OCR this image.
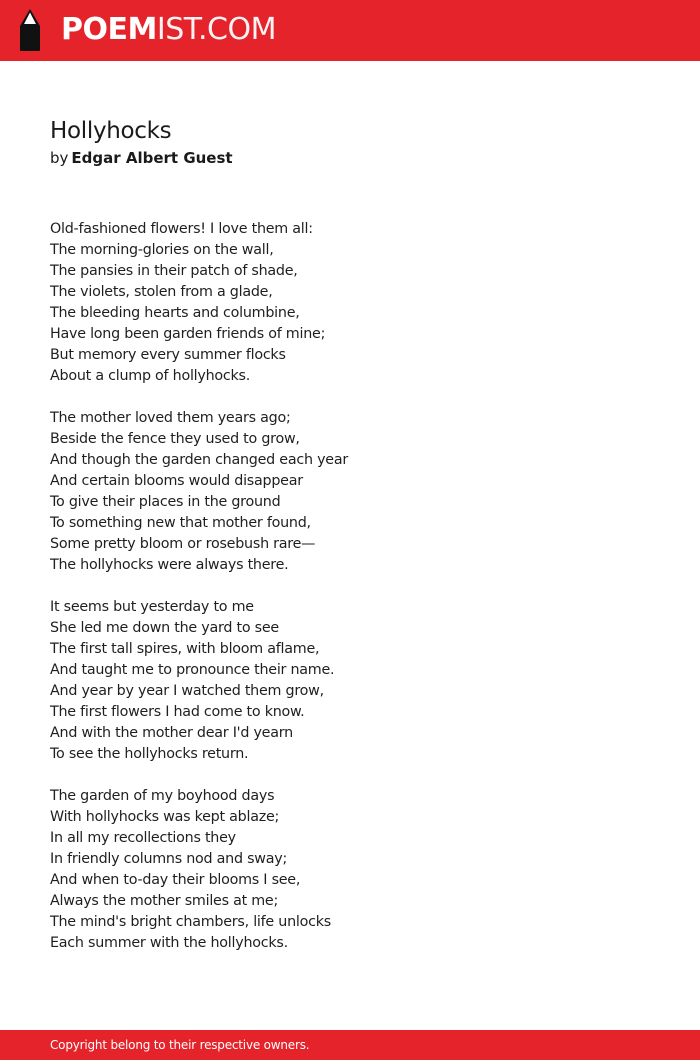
POEMIST.COM
Hollyhocks
by Edgar Albert Guest
Old-fashioned flowers! I love them all:
The morning-glories on the wall,
The pansies in their patch of shade,
The violets, stolen from a glade,
The bleeding hearts and columbine,
Have long been garden friends of mine;
But memory every summer flocks
About a clump of hollyhocks.
The mother loved them years ago;
Beside the fence they used to grow,
And though the garden changed each year
And certain blooms would disappear
To give their places in the ground
To something new that mother found,
Some pretty bloom or rosebush rare—
The hollyhocks were always there.
It seems but yesterday to me
She led me down the yard to see
The first tall spires, with bloom aflame,
And taught me to pronounce their name.
And year by year I watched them grow,
The first flowers I had come to know.
And with the mother dear I'd yearn
To see the hollyhocks return.
The garden of my boyhood days
With hollyhocks was kept ablaze;
In all my recollections they
In friendly columns nod and sway;
And when to-day their blooms I see,
Always the mother smiles at me;
The mind's bright chambers, life unlocks
Each summer with the hollyhocks.
Copyright belong to their respective owners.
